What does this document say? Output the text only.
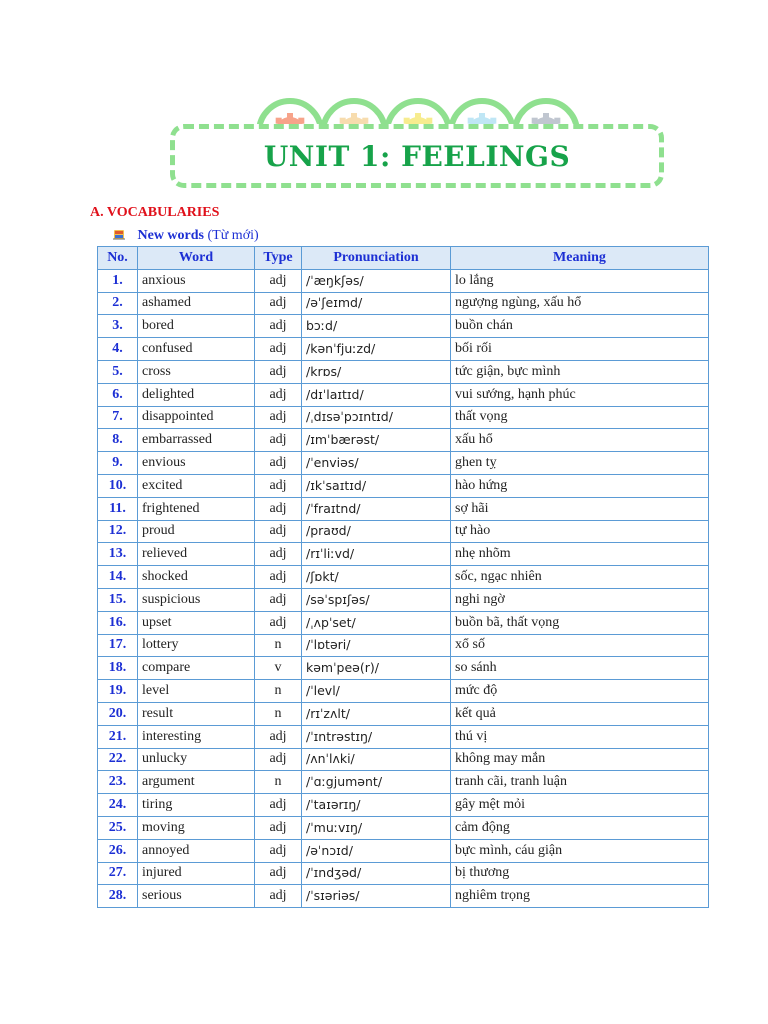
UNIT 1: FEELINGS
A. VOCABULARIES
New words (Từ mới)
No.	Word	Type	Pronunciation	Meaning
1.	anxious	adj	/ˈæŋkʃəs/	lo lắng
2.	ashamed	adj	/əˈʃeɪmd/	ngượng ngùng, xấu hổ
3.	bored	adj	bɔːd/	buồn chán
4.	confused	adj	/kənˈfjuːzd/	bối rối
5.	cross	adj	/krɒs/	tức giận, bực mình
6.	delighted	adj	/dɪˈlaɪtɪd/	vui sướng, hạnh phúc
7.	disappointed	adj	/ˌdɪsəˈpɔɪntɪd/	thất vọng
8.	embarrassed	adj	/ɪmˈbærəst/	xấu hổ
9.	envious	adj	/ˈenviəs/	ghen tỵ
10.	excited	adj	/ɪkˈsaɪtɪd/	hào hứng
11.	frightened	adj	/ˈfraɪtnd/	sợ hãi
12.	proud	adj	/praʊd/	tự hào
13.	relieved	adj	/rɪˈliːvd/	nhẹ nhõm
14.	shocked	adj	/ʃɒkt/	sốc, ngạc nhiên
15.	suspicious	adj	/səˈspɪʃəs/	nghi ngờ
16.	upset	adj	/ˌʌpˈset/	buồn bã, thất vọng
17.	lottery	n	/ˈlɒtəri/	xổ số
18.	compare	v	kəmˈpeə(r)/	so sánh
19.	level	n	/ˈlevl/	mức độ
20.	result	n	/rɪˈzʌlt/	kết quả
21.	interesting	adj	/ˈɪntrəstɪŋ/	thú vị
22.	unlucky	adj	/ʌnˈlʌki/	không may mắn
23.	argument	n	/ˈɑːgjumənt/	tranh cãi, tranh luận
24.	tiring	adj	/ˈtaɪərɪŋ/	gây mệt mỏi
25.	moving	adj	/ˈmuːvɪŋ/	cảm động
26.	annoyed	adj	/əˈnɔɪd/	bực mình, cáu giận
27.	injured	adj	/ˈɪndʒəd/	bị thương
28.	serious	adj	/ˈsɪəriəs/	nghiêm trọng
